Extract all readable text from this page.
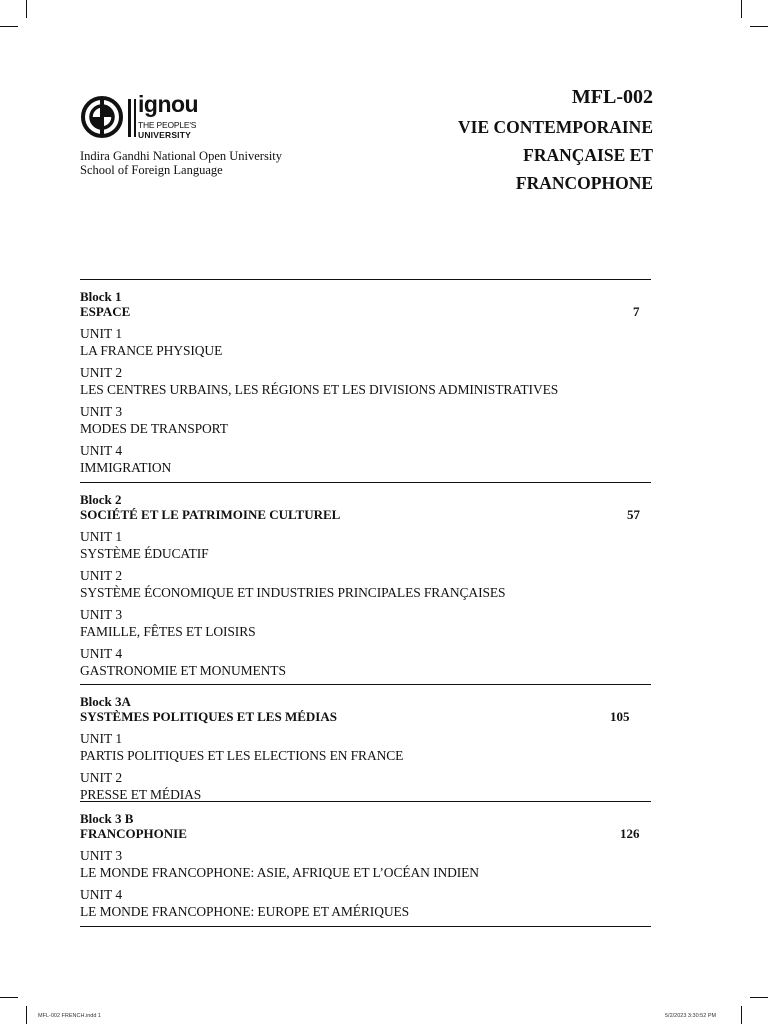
ignou
THE PEOPLE'S
UNIVERSITY
Indira Gandhi National Open University
School of Foreign Language
MFL-002
VIE CONTEMPORAINE
FRANÇAISE ET
FRANCOPHONE
Block 1
ESPACE	7
UNIT 1
LA FRANCE PHYSIQUE
UNIT 2
LES CENTRES URBAINS, LES RÉGIONS ET LES DIVISIONS ADMINISTRATIVES
UNIT 3
MODES DE TRANSPORT
UNIT 4
IMMIGRATION
Block 2
SOCIÉTÉ ET LE PATRIMOINE CULTUREL	57
UNIT 1
SYSTÈME ÉDUCATIF
UNIT 2
SYSTÈME ÉCONOMIQUE ET INDUSTRIES PRINCIPALES FRANÇAISES
UNIT 3
FAMILLE, FÊTES ET LOISIRS
UNIT 4
GASTRONOMIE ET MONUMENTS
Block 3A
SYSTÈMES POLITIQUES ET LES MÉDIAS	105
UNIT 1
PARTIS POLITIQUES ET LES ELECTIONS EN FRANCE
UNIT 2
PRESSE ET MÉDIAS
Block 3 B
FRANCOPHONIE	126
UNIT 3
LE MONDE FRANCOPHONE: ASIE, AFRIQUE ET L’OCÉAN INDIEN
UNIT 4
LE MONDE FRANCOPHONE: EUROPE ET AMÉRIQUES
MFL-002 FRENCH.indd 1	5/2/2023 3:30:52 PM
